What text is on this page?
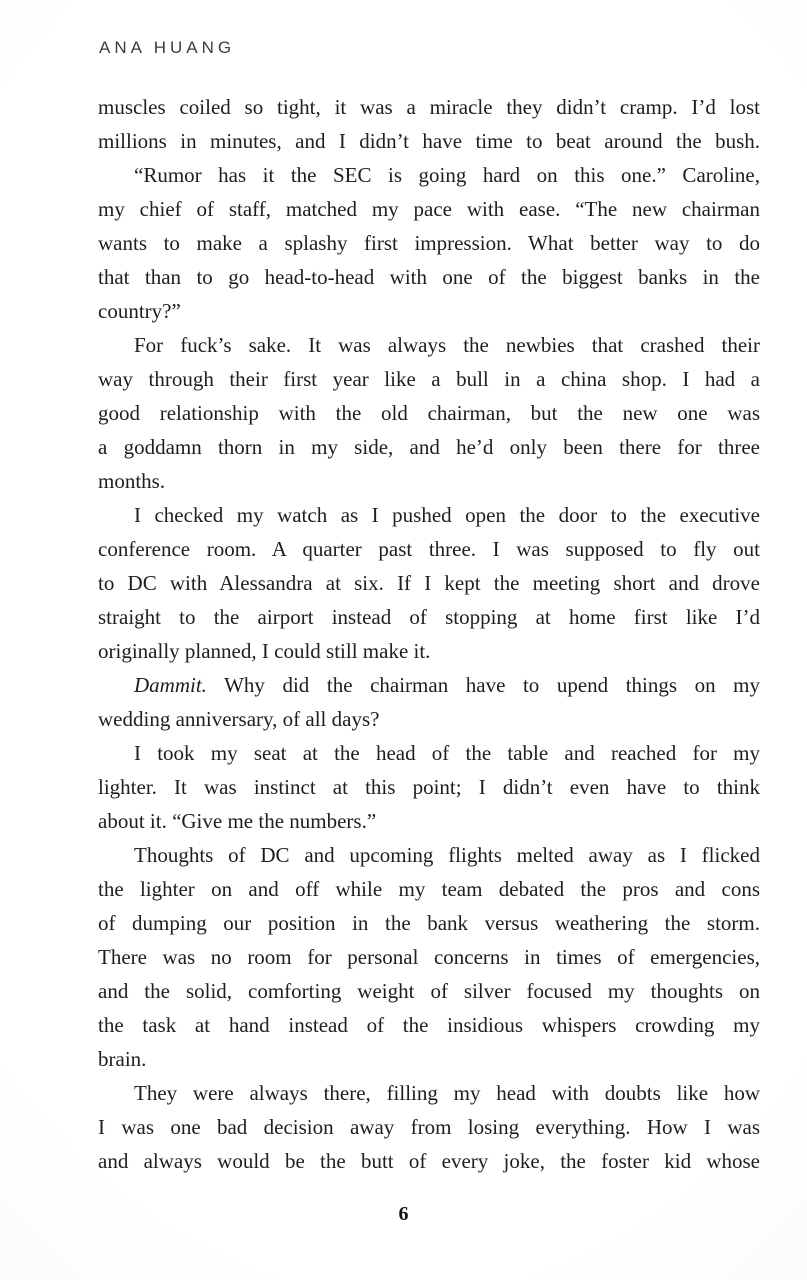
ANA HUANG
muscles coiled so tight, it was a miracle they didn’t cramp. I’d lost
millions in minutes, and I didn’t have time to beat around the bush.
“Rumor has it the SEC is going hard on this one.” Caroline,
my chief of staff, matched my pace with ease. “The new chairman
wants to make a splashy first impression. What better way to do
that than to go head-to-head with one of the biggest banks in the
country?”
For fuck’s sake. It was always the newbies that crashed their
way through their first year like a bull in a china shop. I had a
good relationship with the old chairman, but the new one was
a goddamn thorn in my side, and he’d only been there for three
months.
I checked my watch as I pushed open the door to the executive
conference room. A quarter past three. I was supposed to fly out
to DC with Alessandra at six. If I kept the meeting short and drove
straight to the airport instead of stopping at home first like I’d
originally planned, I could still make it.
Dammit. Why did the chairman have to upend things on my
wedding anniversary, of all days?
I took my seat at the head of the table and reached for my
lighter. It was instinct at this point; I didn’t even have to think
about it. “Give me the numbers.”
Thoughts of DC and upcoming flights melted away as I flicked
the lighter on and off while my team debated the pros and cons
of dumping our position in the bank versus weathering the storm.
There was no room for personal concerns in times of emergencies,
and the solid, comforting weight of silver focused my thoughts on
the task at hand instead of the insidious whispers crowding my
brain.
They were always there, filling my head with doubts like how
I was one bad decision away from losing everything. How I was
and always would be the butt of every joke, the foster kid whose
6
